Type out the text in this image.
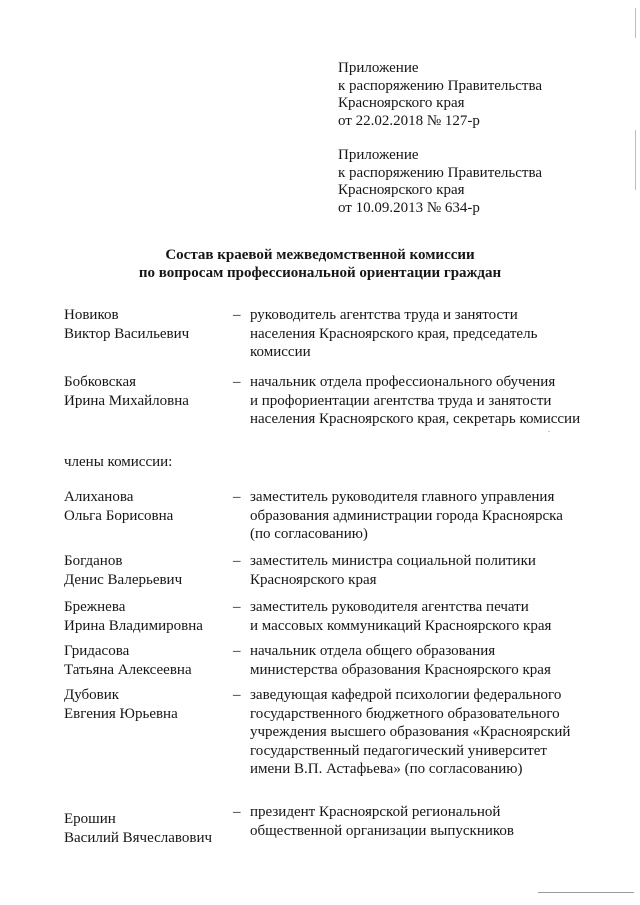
Приложение
к распоряжению Правительства
Красноярского края
от 22.02.2018 № 127-р
Приложение
к распоряжению Правительства
Красноярского края
от 10.09.2013 № 634-р
Состав краевой межведомственной комиссии
по вопросам профессиональной ориентации граждан
Новиков
Виктор Васильевич
– руководитель агентства труда и занятости
населения Красноярского края, председатель
комиссии
Бобковская
Ирина Михайловна
– начальник отдела профессионального обучения
и профориентации агентства труда и занятости
населения Красноярского края, секретарь комиссии
члены комиссии:
Алиханова
Ольга Борисовна
– заместитель руководителя главного управления
образования администрации города Красноярска
(по согласованию)
Богданов
Денис Валерьевич
– заместитель министра социальной политики
Красноярского края
Брежнева
Ирина Владимировна
– заместитель руководителя агентства печати
и массовых коммуникаций Красноярского края
Гридасова
Татьяна Алексеевна
– начальник отдела общего образования
министерства образования Красноярского края
Дубовик
Евгения Юрьевна
– заведующая кафедрой психологии федерального
государственного бюджетного образовательного
учреждения высшего образования «Красноярский
государственный педагогический университет
имени В.П. Астафьева» (по согласованию)
Ерошин
Василий Вячеславович
– президент Красноярской региональной
общественной организации выпускников
